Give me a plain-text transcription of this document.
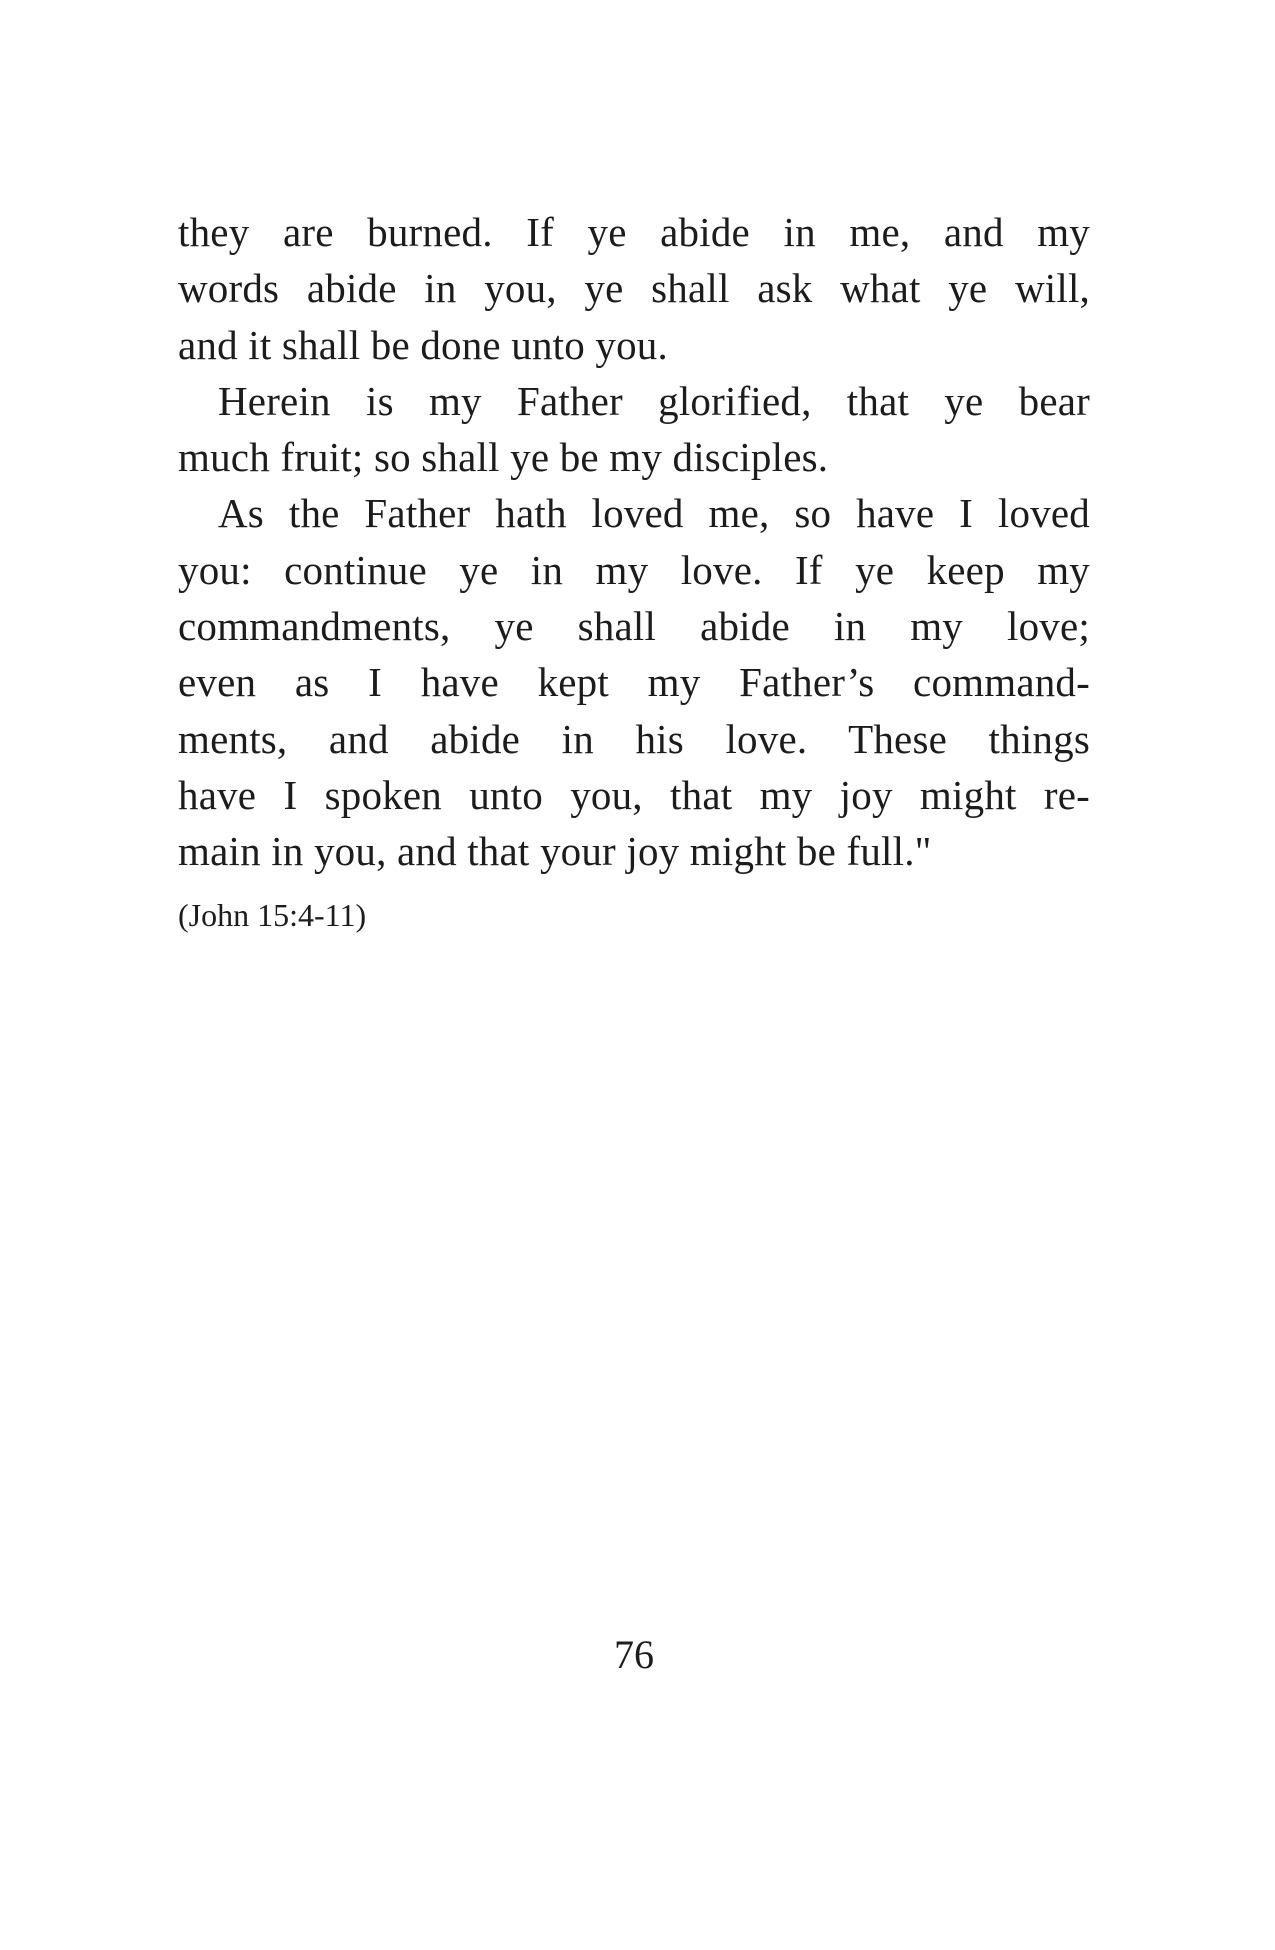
they are burned. If ye abide in me, and my
words abide in you, ye shall ask what ye will,
and it shall be done unto you.
Herein is my Father glorified, that ye bear
much fruit; so shall ye be my disciples.
As the Father hath loved me, so have I loved
you: continue ye in my love. If ye keep my
commandments, ye shall abide in my love;
even as I have kept my Father’s command-
ments, and abide in his love. These things
have I spoken unto you, that my joy might re-
main in you, and that your joy might be full."
(John 15:4-11)
76
